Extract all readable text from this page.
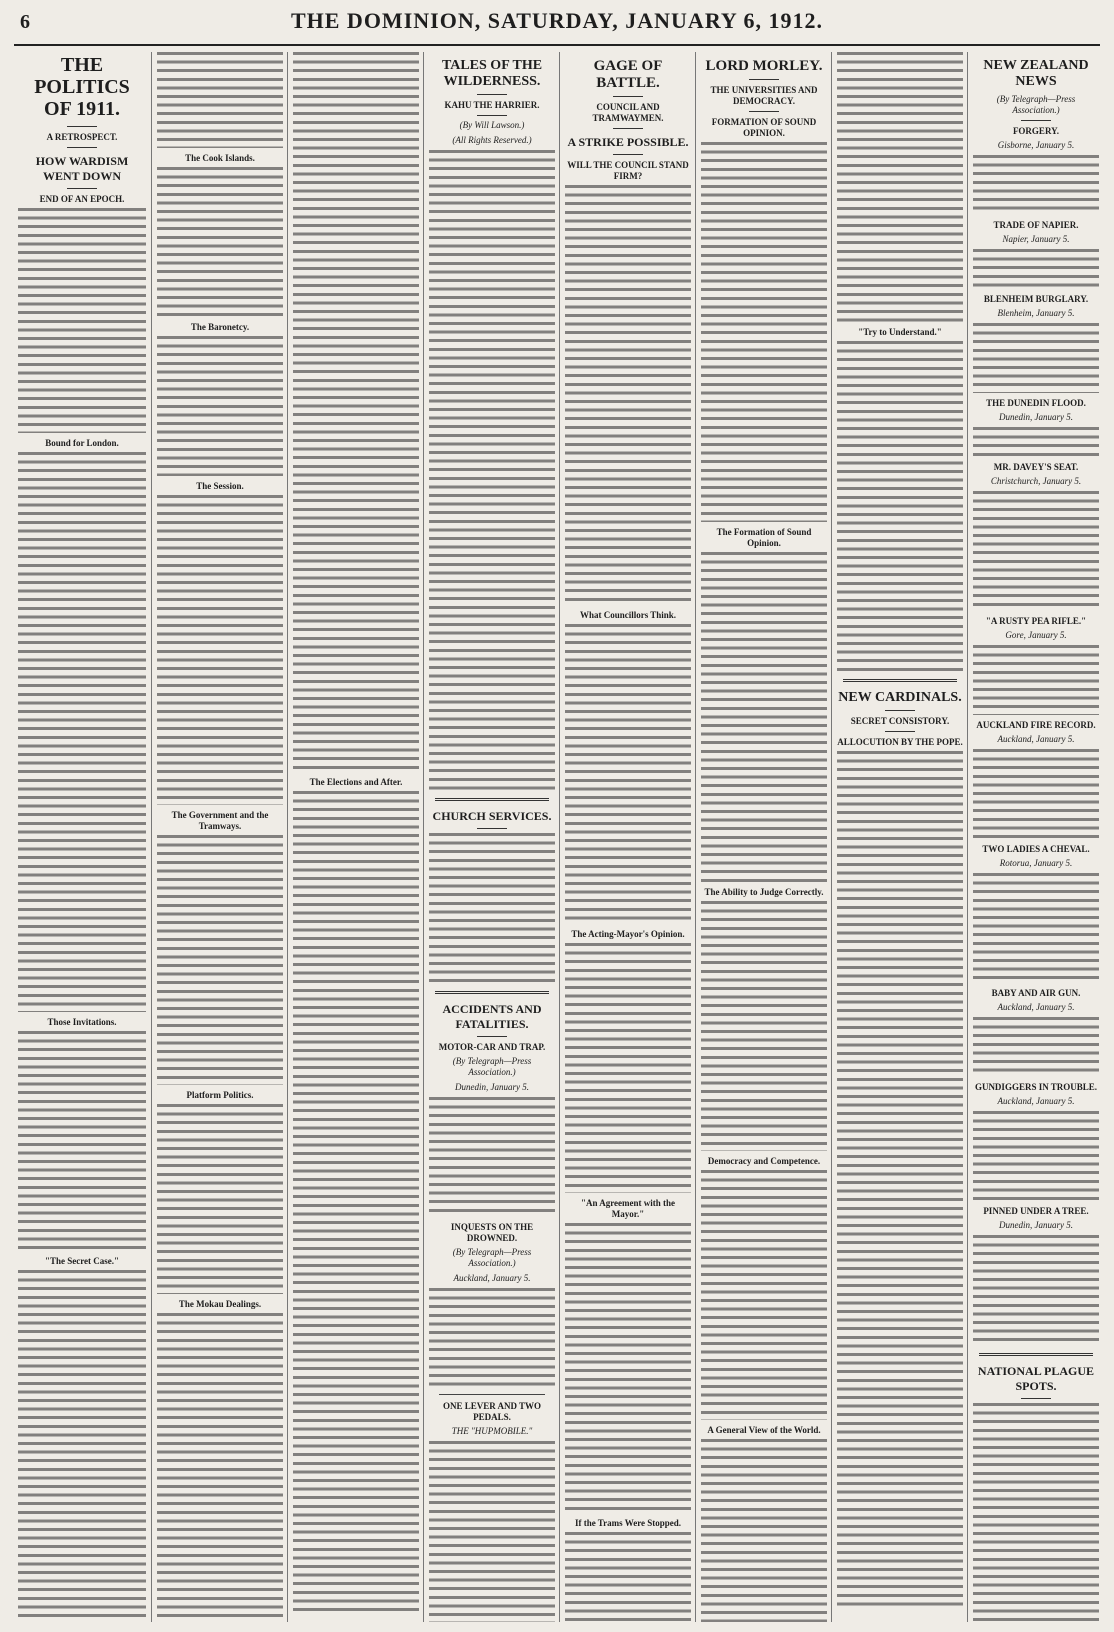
6	THE DOMINION, SATURDAY, JANUARY 6, 1912.
THE POLITICS OF 1911.
A RETROSPECT.
HOW WARDISM WENT DOWN
END OF AN EPOCH.
Bound for London.
Those Invitations.
"The Secret Case."
The Cook Islands.
The Baronetcy.
The Session.
The Government and the Tramways.
Platform Politics.
The Mokau Dealings.
The Elections and After.
TALES OF THE WILDERNESS.
KAHU THE HARRIER.
(By Will Lawson.)
(All Rights Reserved.)
CHURCH SERVICES.
ACCIDENTS AND FATALITIES.
MOTOR-CAR AND TRAP.
(By Telegraph—Press Association.)
Dunedin, January 5.
INQUESTS ON THE DROWNED.
(By Telegraph—Press Association.)
Auckland, January 5.
ONE LEVER AND TWO PEDALS.
THE "HUPMOBILE."
GAGE OF BATTLE.
COUNCIL AND TRAMWAYMEN.
A STRIKE POSSIBLE.
WILL THE COUNCIL STAND FIRM?
What Councillors Think.
The Acting-Mayor's Opinion.
"An Agreement with the Mayor."
If the Trams Were Stopped.
LORD MORLEY.
THE UNIVERSITIES AND DEMOCRACY.
FORMATION OF SOUND OPINION.
The Formation of Sound Opinion.
The Ability to Judge Correctly.
Democracy and Competence.
A General View of the World.
"Try to Understand."
NEW CARDINALS.
SECRET CONSISTORY.
ALLOCUTION BY THE POPE.
NEW ZEALAND NEWS
(By Telegraph—Press Association.)
FORGERY.
Gisborne, January 5.
TRADE OF NAPIER.
Napier, January 5.
BLENHEIM BURGLARY.
Blenheim, January 5.
THE DUNEDIN FLOOD.
Dunedin, January 5.
MR. DAVEY'S SEAT.
Christchurch, January 5.
"A RUSTY PEA RIFLE."
Gore, January 5.
AUCKLAND FIRE RECORD.
Auckland, January 5.
TWO LADIES A CHEVAL.
Rotorua, January 5.
BABY AND AIR GUN.
Auckland, January 5.
GUNDIGGERS IN TROUBLE.
Auckland, January 5.
PINNED UNDER A TREE.
Dunedin, January 5.
NATIONAL PLAGUE SPOTS.
